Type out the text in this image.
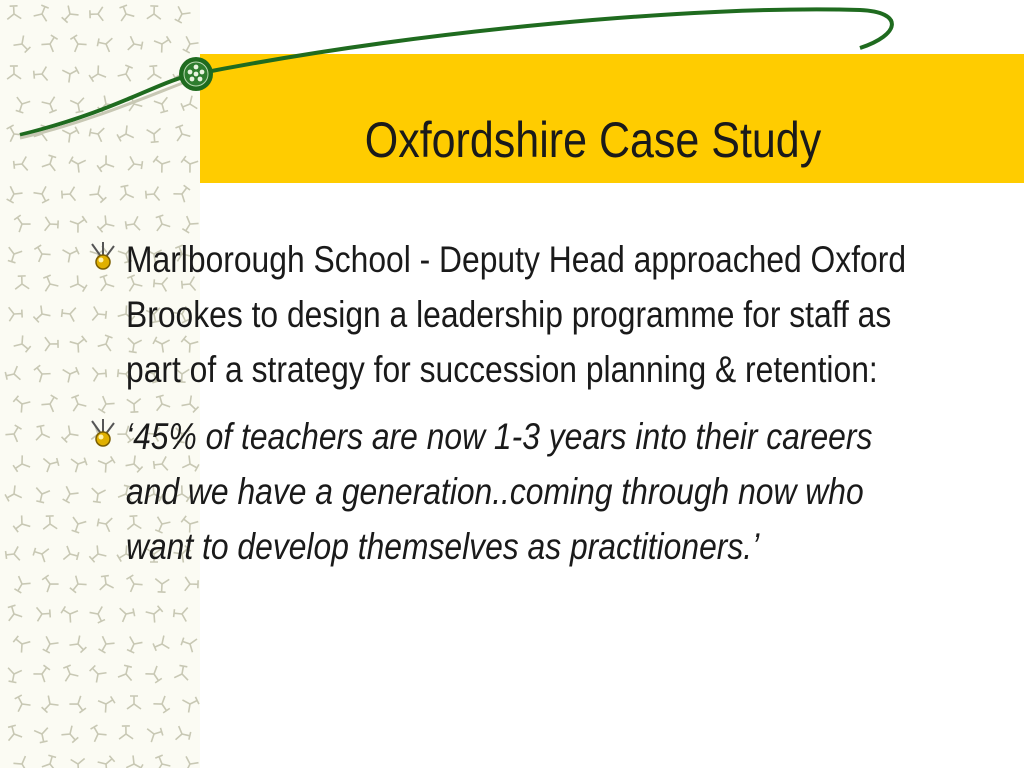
Oxfordshire Case Study
Marlborough School - Deputy Head approached Oxford Brookes to design a leadership programme for staff as part of a strategy for succession planning & retention:
‘45% of teachers are now 1-3 years into their careers and we have a generation..coming through now who want to develop themselves as practitioners.’
